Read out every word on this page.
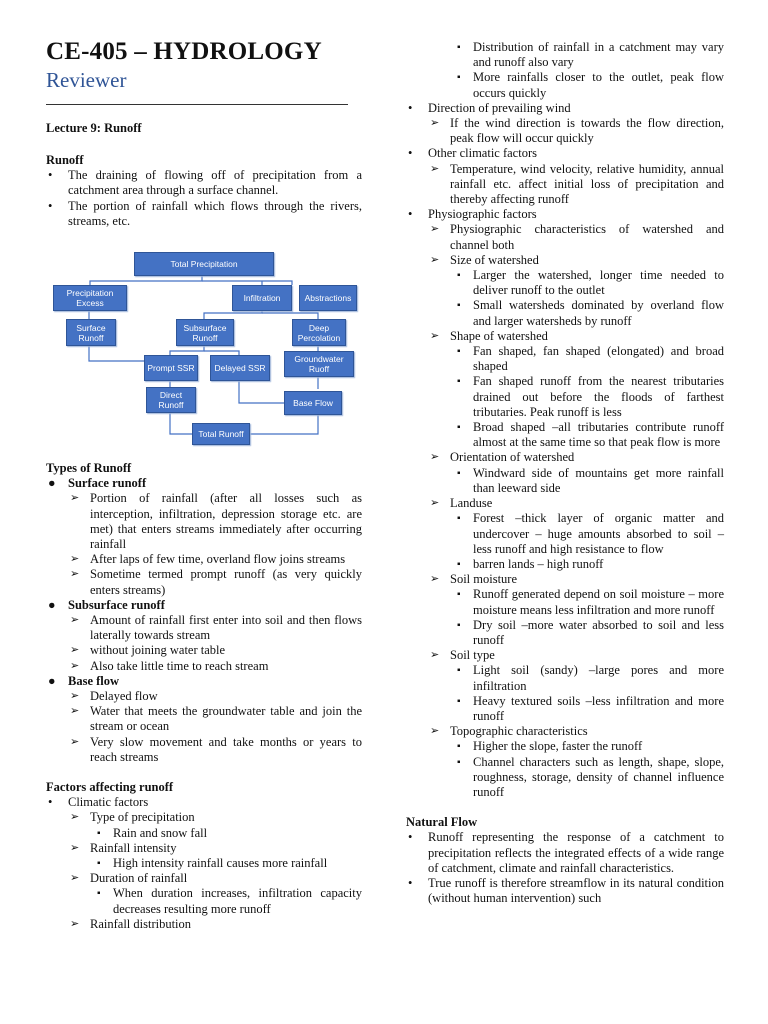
CE-405 – HYDROLOGY
Reviewer
Lecture 9: Runoff
Runoff
• The draining of flowing off of precipitation from a catchment area through a surface channel.
• The portion of rainfall which flows through the rivers, streams, etc.
Total Precipitation
Precipitation Excess	Infiltration	Abstractions
Surface Runoff
Subsurface Runoff
Deep Percolation
Prompt SSR	Delayed SSR
Groundwater Ruoff
Direct Runoff	Base Flow
Total Runoff
Types of Runoff
● Surface runoff
➢ Portion of rainfall (after all losses such as interception, infiltration, depression storage etc. are met) that enters streams immediately after occurring rainfall
➢ After laps of few time, overland flow joins streams
➢ Sometime termed prompt runoff (as very quickly enters streams)
● Subsurface runoff
➢ Amount of rainfall first enter into soil and then flows laterally towards stream
➢ without joining water table
➢ Also take little time to reach stream
● Base flow
➢ Delayed flow
➢ Water that meets the groundwater table and join the stream or ocean
➢ Very slow movement and take months or years to reach streams
Factors affecting runoff
• Climatic factors
➢ Type of precipitation
▪ Rain and snow fall
➢ Rainfall intensity
▪ High intensity rainfall causes more rainfall
➢ Duration of rainfall
▪ When duration increases, infiltration capacity decreases resulting more runoff
➢ Rainfall distribution
▪ Distribution of rainfall in a catchment may vary and runoff also vary
▪ More rainfalls closer to the outlet, peak flow occurs quickly
• Direction of prevailing wind
➢ If the wind direction is towards the flow direction, peak flow will occur quickly
• Other climatic factors
➢ Temperature, wind velocity, relative humidity, annual rainfall etc. affect initial loss of precipitation and thereby affecting runoff
• Physiographic factors
➢ Physiographic characteristics of watershed and channel both
➢ Size of watershed
▪ Larger the watershed, longer time needed to deliver runoff to the outlet
▪ Small watersheds dominated by overland flow and larger watersheds by runoff
➢ Shape of watershed
▪ Fan shaped, fan shaped (elongated) and broad shaped
▪ Fan shaped runoff from the nearest tributaries drained out before the floods of farthest tributaries. Peak runoff is less
▪ Broad shaped –all tributaries contribute runoff almost at the same time so that peak flow is more
➢ Orientation of watershed
▪ Windward side of mountains get more rainfall than leeward side
➢ Landuse
▪ Forest –thick layer of organic matter and undercover – huge amounts absorbed to soil – less runoff and high resistance to flow
▪ barren lands – high runoff
➢ Soil moisture
▪ Runoff generated depend on soil moisture – more moisture means less infiltration and more runoff
▪ Dry soil –more water absorbed to soil and less runoff
➢ Soil type
▪ Light soil (sandy) –large pores and more infiltration
▪ Heavy textured soils –less infiltration and more runoff
➢ Topographic characteristics
▪ Higher the slope, faster the runoff
▪ Channel characters such as length, shape, slope, roughness, storage, density of channel influence runoff
Natural Flow
• Runoff representing the response of a catchment to precipitation reflects the integrated effects of a wide range of catchment, climate and rainfall characteristics.
• True runoff is therefore streamflow in its natural condition (without human intervention) such
